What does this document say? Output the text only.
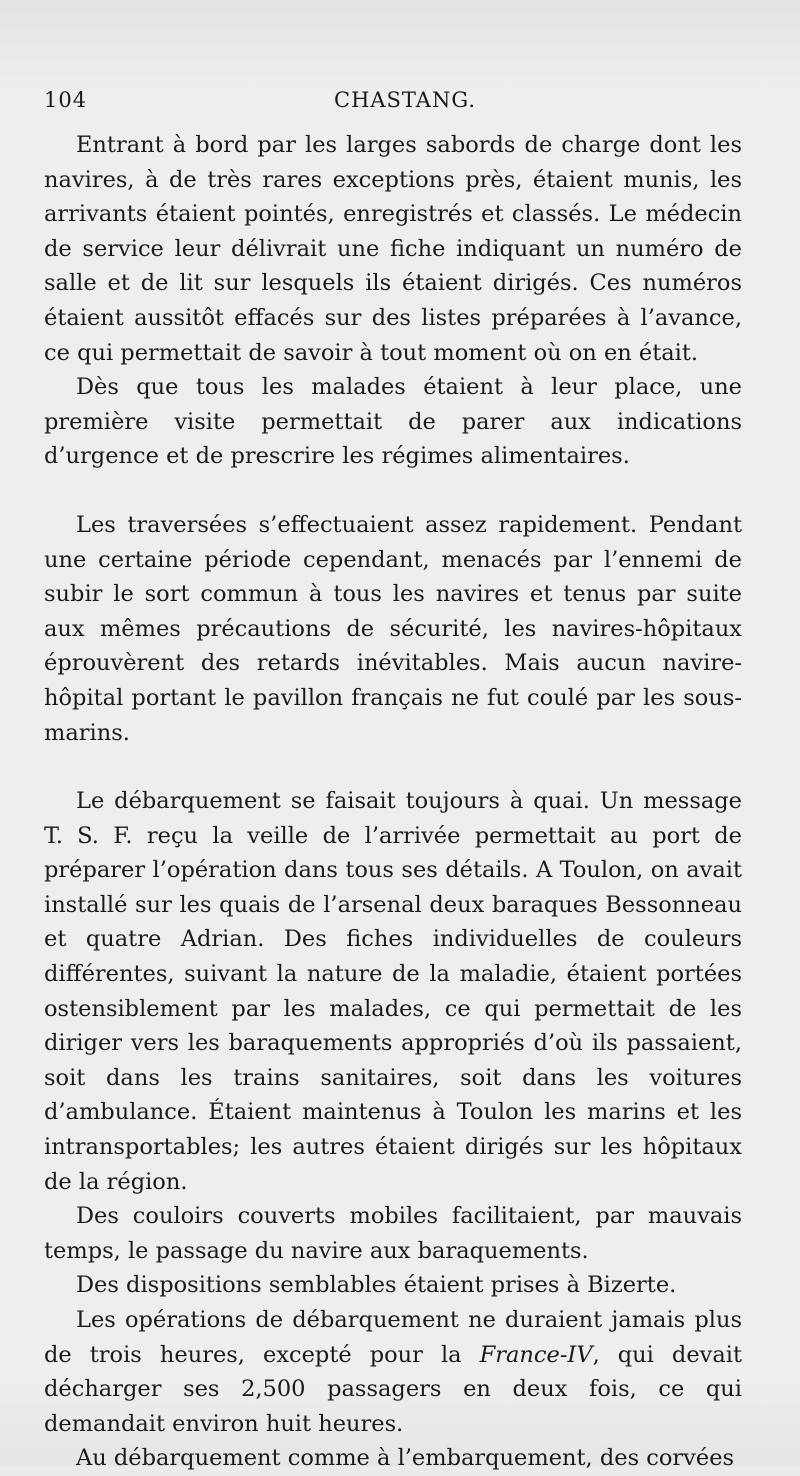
104	CHASTANG.

Entrant à bord par les larges sabords de charge dont les navires, à de très rares exceptions près, étaient munis, les arrivants étaient pointés, enregistrés et classés. Le médecin de service leur délivrait une fiche indiquant un numéro de salle et de lit sur lesquels ils étaient dirigés. Ces numéros étaient aussitôt effacés sur des listes préparées à l’avance, ce qui permettait de savoir à tout moment où on en était.

Dès que tous les malades étaient à leur place, une première visite permettait de parer aux indications d’urgence et de prescrire les régimes alimentaires.

Les traversées s’effectuaient assez rapidement. Pendant une certaine période cependant, menacés par l’ennemi de subir le sort commun à tous les navires et tenus par suite aux mêmes précautions de sécurité, les navires-hôpitaux éprouvèrent des retards inévitables. Mais aucun navire-hôpital portant le pavillon français ne fut coulé par les sous-marins.

Le débarquement se faisait toujours à quai. Un message T. S. F. reçu la veille de l’arrivée permettait au port de préparer l’opération dans tous ses détails. A Toulon, on avait installé sur les quais de l’arsenal deux baraques Bessonneau et quatre Adrian. Des fiches individuelles de couleurs différentes, suivant la nature de la maladie, étaient portées ostensiblement par les malades, ce qui permettait de les diriger vers les baraquements appropriés d’où ils passaient, soit dans les trains sanitaires, soit dans les voitures d’ambulance. Étaient maintenus à Toulon les marins et les intransportables; les autres étaient dirigés sur les hôpitaux de la région.

Des couloirs couverts mobiles facilitaient, par mauvais temps, le passage du navire aux baraquements.

Des dispositions semblables étaient prises à Bizerte.

Les opérations de débarquement ne duraient jamais plus de trois heures, excepté pour la France-IV, qui devait décharger ses 2,500 passagers en deux fois, ce qui demandait environ huit heures.

Au débarquement comme à l’embarquement, des corvées
